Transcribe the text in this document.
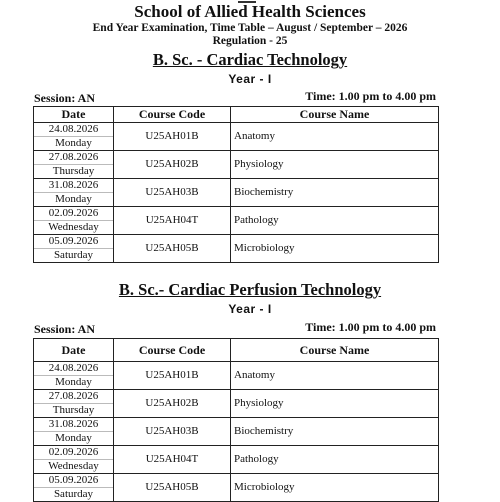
School of Allied Health Sciences
End Year Examination, Time Table – August / September – 2026
Regulation - 25
B. Sc. - Cardiac Technology
Year - I
Session: AN	Time: 1.00 pm to 4.00 pm
Date	Course Code	Course Name

24.08.2026
Monday	U25AH01B	Anatomy

27.08.2026
Thursday	U25AH02B	Physiology

31.08.2026
Monday	U25AH03B	Biochemistry

02.09.2026
Wednesday	U25AH04T	Pathology

05.09.2026
Saturday	U25AH05B	Microbiology
B. Sc.- Cardiac Perfusion Technology
Year - I
Session: AN	Time: 1.00 pm to 4.00 pm
Date	Course Code	Course Name

24.08.2026
Monday	U25AH01B	Anatomy

27.08.2026
Thursday	U25AH02B	Physiology

31.08.2026
Monday	U25AH03B	Biochemistry

02.09.2026
Wednesday	U25AH04T	Pathology

05.09.2026
Saturday	U25AH05B	Microbiology
